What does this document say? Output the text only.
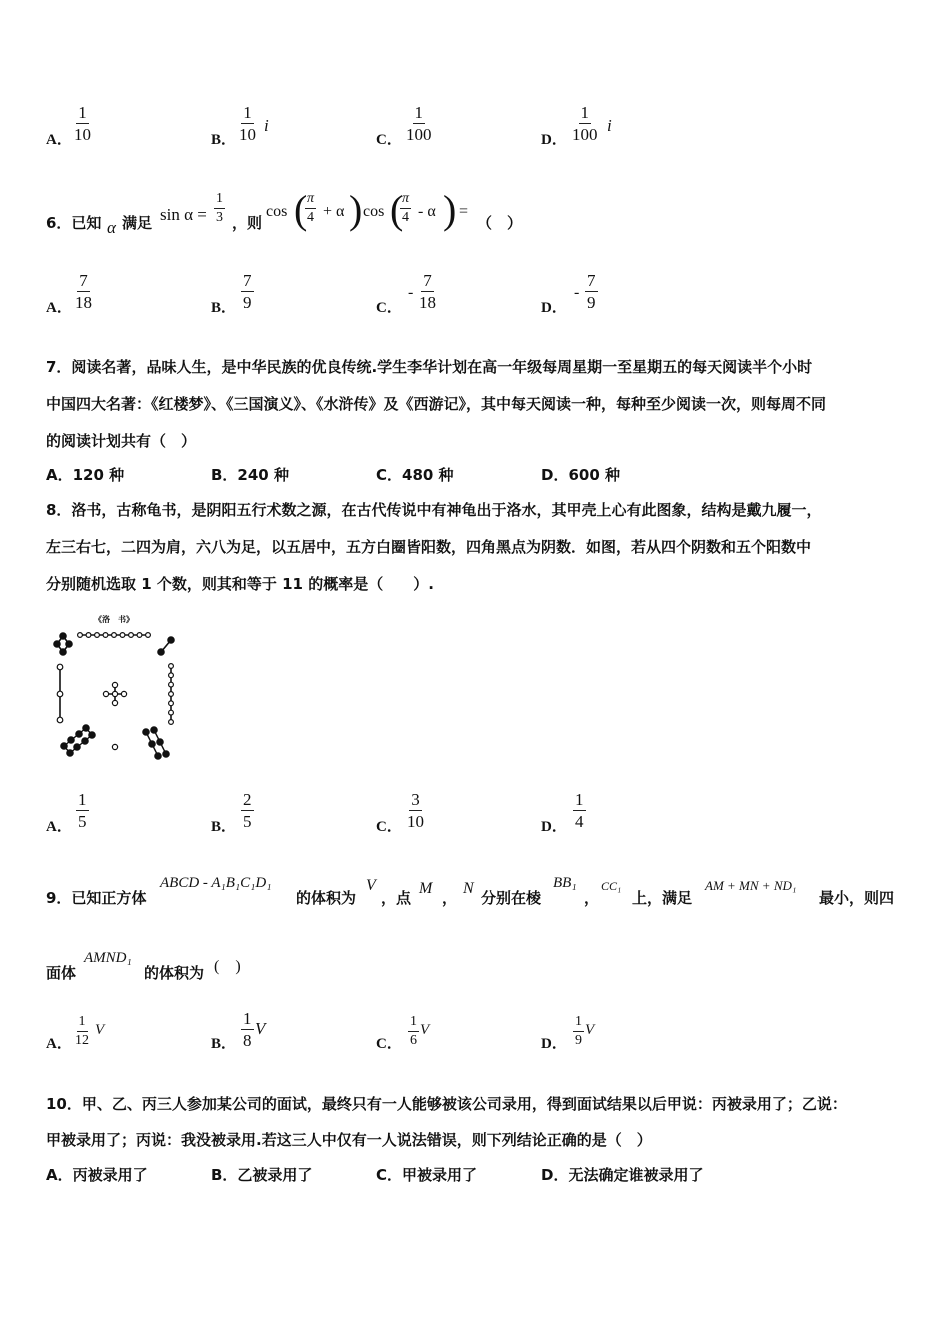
A． $\frac{1}{10}$	B． $\frac{1}{10}$ i
C． $\frac{1}{100}$	D． $\frac{1}{100}$ i
6．已知 α 满足 $\sin \alpha = \frac{1}{3}$ ，则
cos (
$\frac{\pi}{4} + \alpha$ ) cos (
$\frac{\pi}{4}$ - α ) =
（　）
A． $\frac{7}{18}$	B． $\frac{7}{9}$	C．
- $\frac{7}{18}$	D．
- $\frac{7}{9}$
7．阅读名著，品味人生，是中华民族的优良传统.学生李华计划在高一年级每周星期一至星期五的每天阅读半个小时
中国四大名著：《红楼梦》、《三国演义》、《水浒传》及《西游记》，其中每天阅读一种，每种至少阅读一次，则每周不同
的阅读计划共有（　）
A．120 种	B．240 种	C．480 种	D．600 种
8．洛书，古称龟书，是阴阳五行术数之源，在古代传说中有神龟出于洛水，其甲壳上心有此图象，结构是戴九履一，
左三右七，二四为肩，六八为足，以五居中，五方白圈皆阳数，四角黑点为阴数．如图，若从四个阴数和五个阳数中
分别随机选取 1 个数，则其和等于 11 的概率是（　　）.
《洛　书》
A． $\frac{1}{5}$	B． $\frac{2}{5}$	C． $\frac{3}{10}$	D． $\frac{1}{4}$
9．已知正方体
ABCD - A₁B₁C₁D₁
的体积为
V
，点
M
，
N
分别在棱
BB₁
，
CC₁
上，满足
AM + MN + ND₁
最小，则四
面体
AMND₁
的体积为 (　)
A． $\frac{1}{12}$ V
B． $\frac{1}{8}$ V
C． $\frac{1}{6}$ V
D． $\frac{1}{9}$ V
10．甲、乙、丙三人参加某公司的面试，最终只有一人能够被该公司录用，得到面试结果以后甲说：丙被录用了；乙说：
甲被录用了；丙说：我没被录用.若这三人中仅有一人说法错误，则下列结论正确的是（　）
A．丙被录用了	B．乙被录用了	C．甲被录用了	D．无法确定谁被录用了
